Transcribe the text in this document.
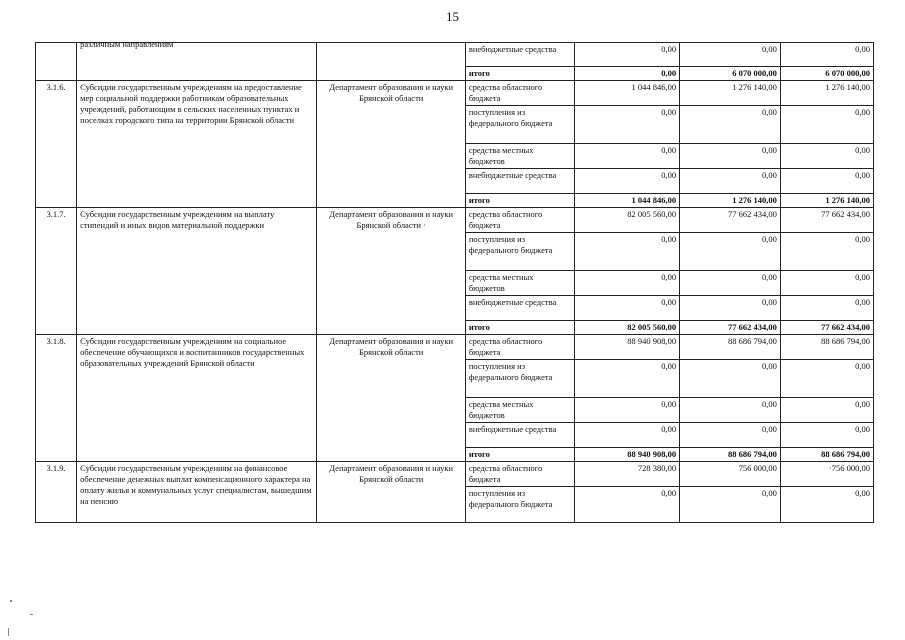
15

	различным направлениям		внебюджетные средства	0,00	0,00	0,00
			итого	0,00	6 070 000,00	6 070 000,00
3.1.6.	Субсидии государственным учреждениям на предоставление мер социальной поддержки работникам образовательных учреждений, работающим в сельских населенных пунктах и поселках городского типа на территории Брянской области	Департамент образования и науки Брянской области	средства областного бюджета	1 044 846,00	1 276 140,00	1 276 140,00
			поступления из федерального бюджета	0,00	0,00	0,00
			средства местных бюджетов	0,00	0,00	0,00
			внебюджетные средства	0,00	0,00	0,00
			итого	1 044 846,00	1 276 140,00	1 276 140,00
3.1.7.	Субсидии государственным учреждениям на выплату стипендий и иных видов материальной поддержки	Департамент образования и науки Брянской области ·	средства областного бюджета	82 005 560,00	77 662 434,00	77 662 434,00
			поступления из федерального бюджета	0,00	0,00	0,00
			средства местных бюджетов	0,00	0,00	0,00
			внебюджетные средства	0,00	0,00	0,00
			итого	82 005 560,00	77 662 434,00	77 662 434,00
3.1.8.	Субсидии государственным учреждениям на социальное обеспечение обучающихся и воспитанников государственных образовательных учреждений Брянской области	Департамент образования и науки Брянской области	средства областного бюджета	88 940 908,00	88 686 794,00	88 686 794,00
			поступления из федерального бюджета	0,00	0,00	0,00
			средства местных бюджетов	0,00	0,00	0,00
			внебюджетные средства	0,00	0,00	0,00
			итого	88 940 908,00	88 686 794,00	88 686 794,00
3.1.9.	Субсидии государственным учреждениям на финансовое обеспечение денежных выплат компенсационного характера на оплату жилья и коммунальных услуг специалистам, вышедшим на пенсию	Департамент образования и науки Брянской области	средства областного бюджета	728 380,00	756 000,00	·756 000,00
			поступления из федерального бюджета	0,00	0,00	0,00
